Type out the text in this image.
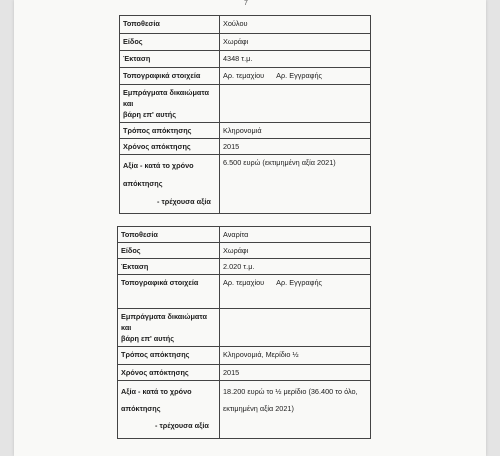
7
Τοποθεσία	Χούλου
Είδος	Χωράφι
Έκταση	4348 τ.μ.
Τοπογραφικά στοιχεία	Αρ. τεμαχίου Αρ. Εγγραφής
Εμπράγματα δικαιώματα και
βάρη επ' αυτής	
Τρόπος απόκτησης	Κληρονομιά
Χρόνος απόκτησης	2015
Αξία - κατά το χρόνο
απόκτησης

- τρέχουσα αξία	6.500 ευρώ (εκτιμημένη αξία 2021)
Τοποθεσία	Αναρίτα
Είδος	Χωράφι
Έκταση	2.020 τ.μ.
Τοπογραφικά στοιχεία	Αρ. τεμαχίου Αρ. Εγγραφής
Εμπράγματα δικαιώματα και
βάρη επ' αυτής	
Τρόπος απόκτησης	Κληρονομιά, Μερίδιο ½
Χρόνος απόκτησης	2015
Αξία - κατά το χρόνο
απόκτησης

- τρέχουσα αξία	18.200 ευρώ το ½ μερίδιο (36.400 το όλο,
εκτιμημένη αξία 2021)
